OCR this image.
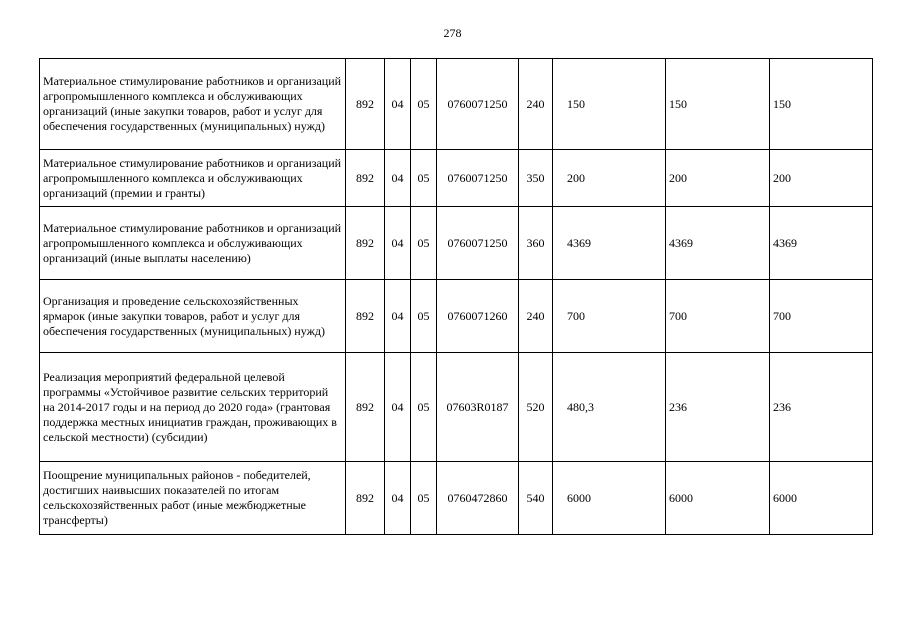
278
Материальное стимулирование работников и организаций агропромышленного комплекса и обслуживающих организаций (иные закупки товаров, работ и услуг для обеспечения государственных (муниципальных) нужд)	892	04	05	0760071250	240	150	150	150
Материальное стимулирование работников и организаций агропромышленного комплекса и обслуживающих организаций (премии и гранты)	892	04	05	0760071250	350	200	200	200
Материальное стимулирование работников и организаций агропромышленного комплекса и обслуживающих организаций (иные выплаты населению)	892	04	05	0760071250	360	4369	4369	4369
Организация и проведение сельскохозяйственных ярмарок (иные закупки товаров, работ и услуг для обеспечения государственных (муниципальных) нужд)	892	04	05	0760071260	240	700	700	700
Реализация мероприятий федеральной целевой программы «Устойчивое развитие сельских территорий на 2014-2017 годы и на период до 2020 года» (грантовая поддержка местных инициатив граждан, проживающих в сельской местности) (субсидии)	892	04	05	07603R0187	520	480,3	236	236
Поощрение муниципальных районов - победителей, достигших наивысших показателей по итогам сельскохозяйственных работ (иные межбюджетные трансферты)	892	04	05	0760472860	540	6000	6000	6000
